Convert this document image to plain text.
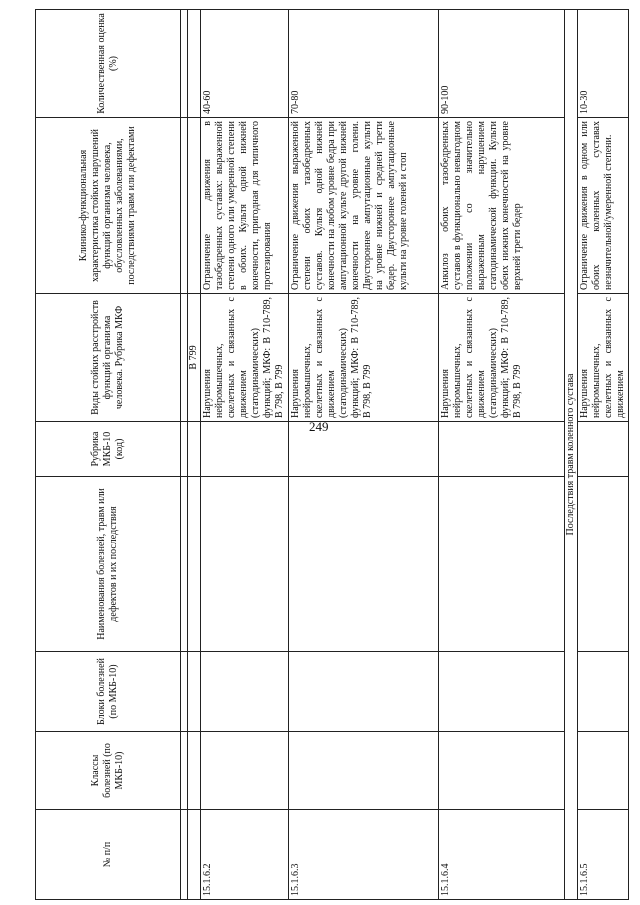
249
№ п/п	Классы болезней (по МКБ-10)	Блоки болезней (по МКБ-10)	Наименования болезней, травм или дефектов и их последствия	Рубрика МКБ-10 (код)	Виды стойких расстройств функций организма человека. Рубрика МКФ	Клинико-функциональная характеристика стойких нарушений функций организма человека, обусловленных заболеваниями, последствиями травм или дефектами	Количественная оценка (%)

					B 799		
15.1.6.2					Нарушения нейромышечных, скелетных и связанных с движением (статодинамических) функций; МКФ: B 710-789, B 798, B 799	Ограничение движения в тазобедренных суставах: выраженной степени одного или умеренной степени в обоих. Культя одной нижней конечности, пригодная для типичного протезирования	40-60
15.1.6.3					Нарушения нейромышечных, скелетных и связанных с движением (статодинамических) функций; МКФ: B 710-789, B 798, B 799	Ограничение движения выраженной степени обоих тазобедренных суставов. Культя одной нижней конечности на любом уровне бедра при ампутационной культе другой нижней конечности на уровне голени. Двустороннее ампутационные культи на уровне нижней и средней трети бедер. Двустороннее ампутационные культи на уровне голеней и стоп	70-80
15.1.6.4					Нарушения нейромышечных, скелетных и связанных с движением (статодинамических) функций; МКФ: B 710-789, B 798, B 799	Анкилоз обоих тазобедренных суставов в функционально невыгодном положении со значительно выраженным нарушением статодинамической функции. Культи обеих нижних конечностей на уровне верхней трети бедер	90-100
Последствия травм коленного сустава							
15.1.6.5					Нарушения нейромышечных, скелетных и связанных с движением	Ограничение движения в одном или обоих коленных суставах незначительной/умеренной степени.	10-30
